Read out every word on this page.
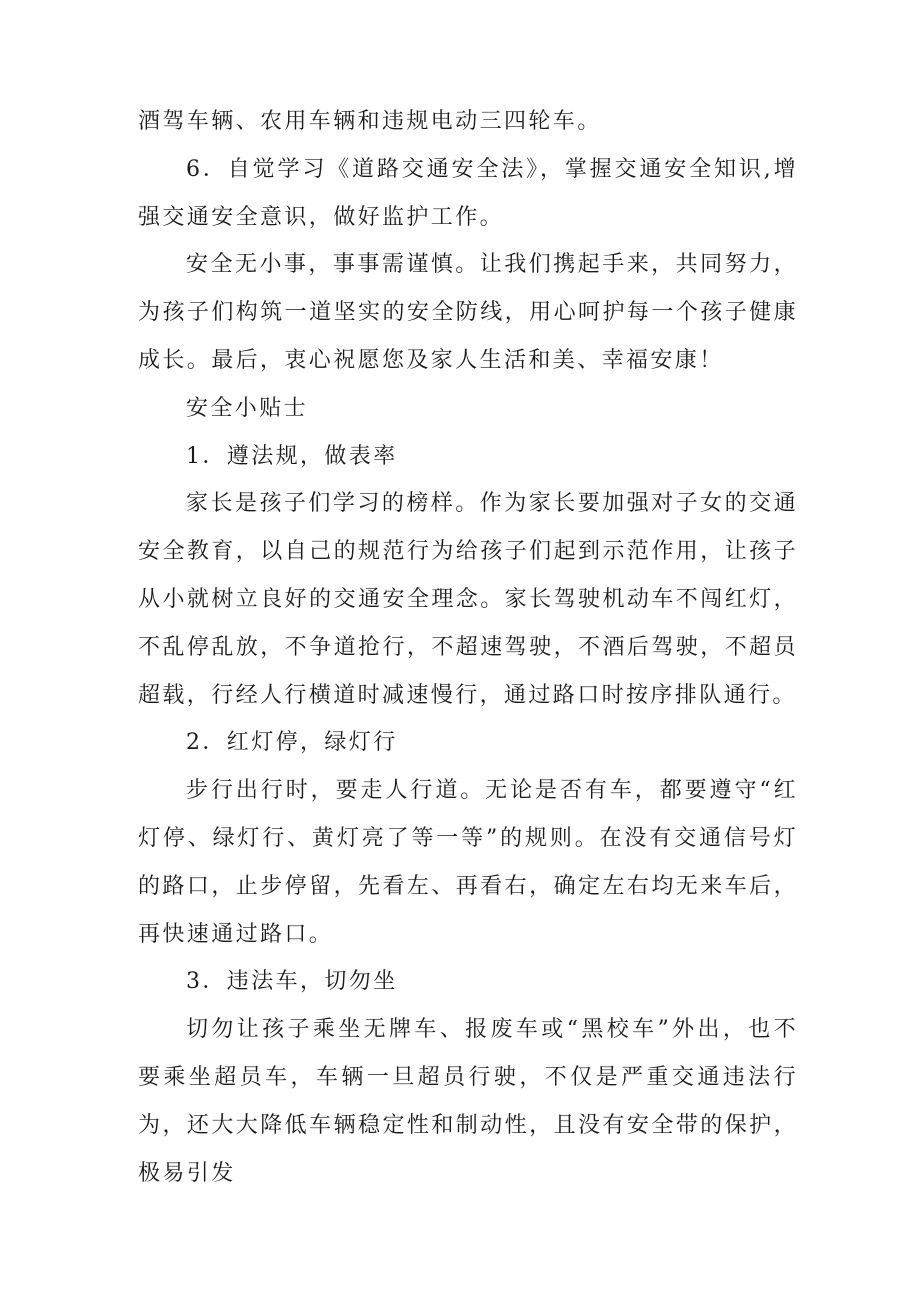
酒驾车辆、农用车辆和违规电动三四轮车。

6．自觉学习《道路交通安全法》，掌握交通安全知识,增强交通安全意识，做好监护工作。

安全无小事，事事需谨慎。让我们携起手来，共同努力，为孩子们构筑一道坚实的安全防线，用心呵护每一个孩子健康成长。最后，衷心祝愿您及家人生活和美、幸福安康！

安全小贴士

1．遵法规，做表率

家长是孩子们学习的榜样。作为家长要加强对子女的交通安全教育，以自己的规范行为给孩子们起到示范作用，让孩子从小就树立良好的交通安全理念。家长驾驶机动车不闯红灯，不乱停乱放，不争道抢行，不超速驾驶，不酒后驾驶，不超员超载，行经人行横道时减速慢行，通过路口时按序排队通行。

2．红灯停，绿灯行

步行出行时，要走人行道。无论是否有车，都要遵守“红灯停、绿灯行、黄灯亮了等一等”的规则。在没有交通信号灯的路口，止步停留，先看左、再看右，确定左右均无来车后，再快速通过路口。

3．违法车，切勿坐

切勿让孩子乘坐无牌车、报废车或“黑校车”外出，也不要乘坐超员车，车辆一旦超员行驶，不仅是严重交通违法行为，还大大降低车辆稳定性和制动性，且没有安全带的保护，极易引发
